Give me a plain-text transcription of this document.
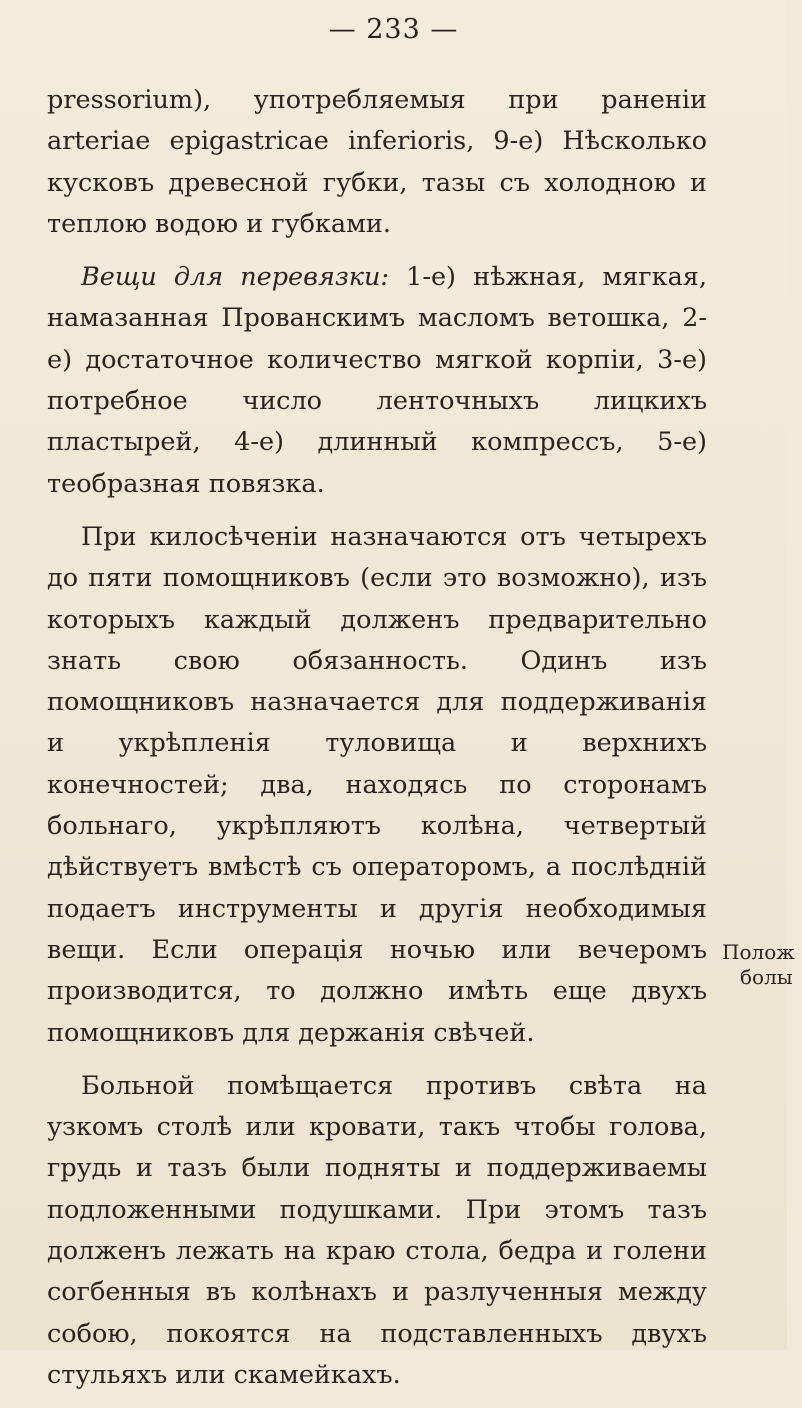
— 233 —

pressorium), употребляемыя при раненіи arteriae epigastricae inferioris, 9-е) Нѣсколько кусковъ древесной губки, тазы съ холодною и теплою водою и губками.

Вещи для перевязки: 1-е) нѣжная, мягкая, намазанная Прованскимъ масломъ ветошка, 2-е) достаточное количество мягкой корпіи, 3-е) потребное число ленточныхъ лицкихъ пластырей, 4-е) длинный компрессъ, 5-е) теобразная повязка.

При килосѣченіи назначаются отъ четырехъ до пяти помощниковъ (если это возможно), изъ которыхъ каждый долженъ предварительно знать свою обязанность. Одинъ изъ помощниковъ назначается для поддерживанія и укрѣпленія туловища и верхнихъ конечностей; два, находясь по сторонамъ больнаго, укрѣпляютъ колѣна, четвертый дѣйствуетъ вмѣстѣ съ операторомъ, а послѣдній подаетъ инструменты и другія необходимыя вещи. Если операція ночью или вечеромъ производится, то должно имѣть еще двухъ помощниковъ для держанія свѣчей.

Больной помѣщается противъ свѣта на узкомъ столѣ или кровати, такъ чтобы голова, грудь и тазъ были подняты и поддерживаемы подложенными подушками. При этомъ тазъ долженъ лежать на краю стола, бедра и голени согбенныя въ колѣнахъ и разлученныя между собою, покоятся на подставленныхъ двухъ стульяхъ или скамейкахъ.

Полож
болы
